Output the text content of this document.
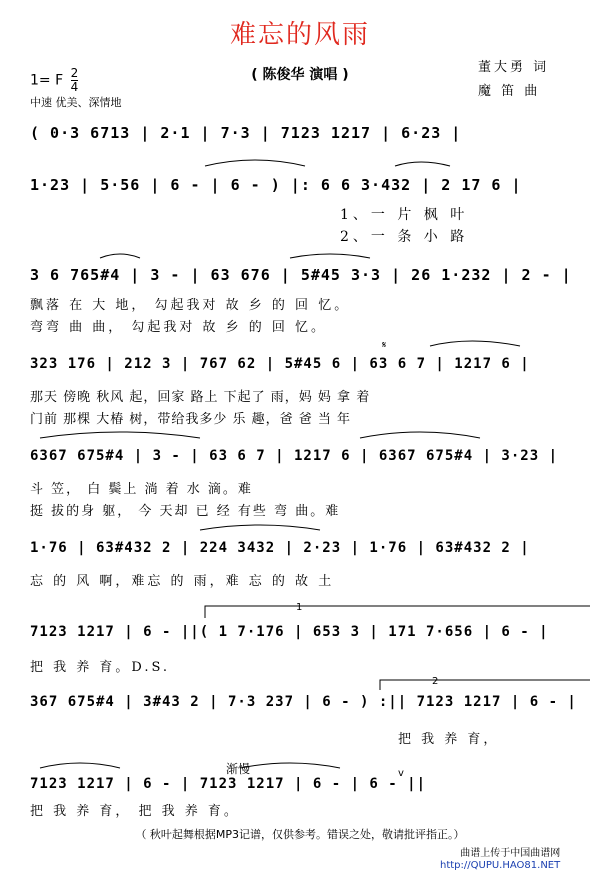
难忘的风雨
( 陈俊华 演唱 )
1= F $\frac{2}{4}$
中速 优美、深情地
董大勇 词
魔 笛 曲
( 0·3 6713 | 2·1 | 7·3 | 7123 1217 | 6·23 |
1·23 | 5·56 | 6 - | 6 - ) |: 6 6 3·432 | 2 17 6 |
1、一 片 枫 叶
2、一 条 小 路
3 6 765#4 | 3 - | 63 676 | 5#45 3·3 | 26 1·232 | 2 - |
飘落 在 大 地， 勾起我对 故 乡 的 回 忆。
弯弯 曲 曲， 勾起我对 故 乡 的 回 忆。
𝄋
323 176 | 212 3 | 767 62 | 5#45 6 | 63 6 7 | 1217 6 |
那天 傍晚 秋风 起，回家 路上 下起了 雨，妈 妈 拿 着
门前 那棵 大椿 树，带给我多少 乐 趣，爸 爸 当 年
6367 675#4 | 3 - | 63 6 7 | 1217 6 | 6367 675#4 | 3·23 |
斗 笠， 白 鬓上 淌 着 水 滴。难
挺 拔的身 躯， 今 天却 已 经 有些 弯 曲。难
1·76 | 63#432 2 | 224 3432 | 2·23 | 1·76 | 63#432 2 |
忘 的 风 啊，难忘 的 雨，难 忘 的 故 土
1
7123 1217 | 6 - ||( 1 7·176 | 653 3 | 171 7·656 | 6 - |
把 我 养 育。D.S.
2
367 675#4 | 3#43 2 | 7·3 237 | 6 - ) :|| 7123 1217 | 6 - |
把 我 养 育，
渐慢	v
7123 1217 | 6 - | 7123 1217 | 6 - | 6 - ||
把 我 养 育， 把 我 养 育。
（ 秋叶起舞根据MP3记谱，仅供参考。错误之处，敬请批评指正。）
曲谱上传于中国曲谱网
http://QUPU.HAO81.NET
